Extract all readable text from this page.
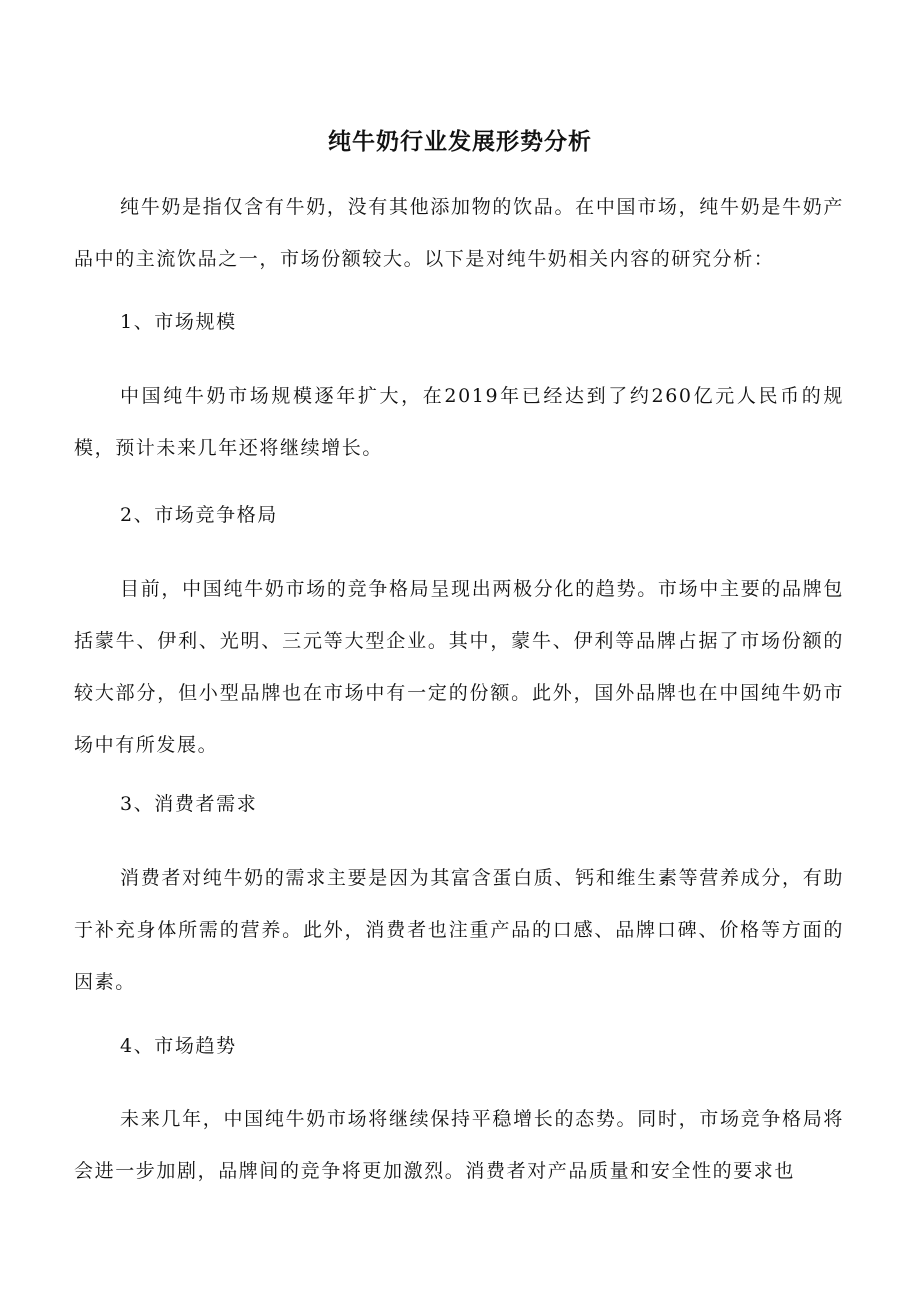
纯牛奶行业发展形势分析

纯牛奶是指仅含有牛奶，没有其他添加物的饮品。在中国市场，纯牛奶是牛奶产品中的主流饮品之一，市场份额较大。以下是对纯牛奶相关内容的研究分析：

1、市场规模

中国纯牛奶市场规模逐年扩大，在2019年已经达到了约260亿元人民币的规模，预计未来几年还将继续增长。

2、市场竞争格局

目前，中国纯牛奶市场的竞争格局呈现出两极分化的趋势。市场中主要的品牌包括蒙牛、伊利、光明、三元等大型企业。其中，蒙牛、伊利等品牌占据了市场份额的较大部分，但小型品牌也在市场中有一定的份额。此外，国外品牌也在中国纯牛奶市场中有所发展。

3、消费者需求

消费者对纯牛奶的需求主要是因为其富含蛋白质、钙和维生素等营养成分，有助于补充身体所需的营养。此外，消费者也注重产品的口感、品牌口碑、价格等方面的因素。

4、市场趋势

未来几年，中国纯牛奶市场将继续保持平稳增长的态势。同时，市场竞争格局将会进一步加剧，品牌间的竞争将更加激烈。消费者对产品质量和安全性的要求也
